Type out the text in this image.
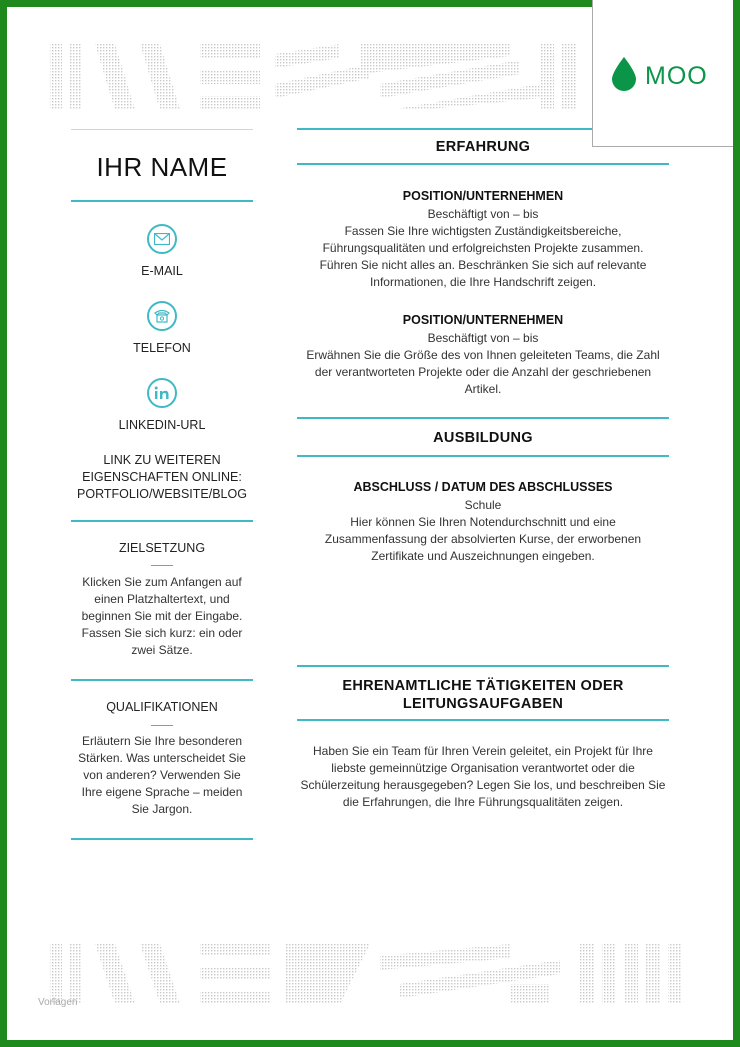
MOO
IHR NAME
E-MAIL
TELEFON
LINKEDIN-URL
LINK ZU WEITEREN
EIGENSCHAFTEN ONLINE:
PORTFOLIO/WEBSITE/BLOG
ZIELSETZUNG
Klicken Sie zum Anfangen auf
einen Platzhaltertext, und
beginnen Sie mit der Eingabe.
Fassen Sie sich kurz: ein oder
zwei Sätze.
QUALIFIKATIONEN
Erläutern Sie Ihre besonderen
Stärken. Was unterscheidet Sie
von anderen? Verwenden Sie
Ihre eigene Sprache – meiden
Sie Jargon.
ERFAHRUNG
POSITION/UNTERNEHMEN
Beschäftigt von – bis
Fassen Sie Ihre wichtigsten Zuständigkeitsbereiche,
Führungsqualitäten und erfolgreichsten Projekte zusammen.
Führen Sie nicht alles an. Beschränken Sie sich auf relevante
Informationen, die Ihre Handschrift zeigen.
POSITION/UNTERNEHMEN
Beschäftigt von – bis
Erwähnen Sie die Größe des von Ihnen geleiteten Teams, die Zahl
der verantworteten Projekte oder die Anzahl der geschriebenen
Artikel.
AUSBILDUNG
ABSCHLUSS / DATUM DES ABSCHLUSSES
Schule
Hier können Sie Ihren Notendurchschnitt und eine
Zusammenfassung der absolvierten Kurse, der erworbenen
Zertifikate und Auszeichnungen eingeben.
EHRENAMTLICHE TÄTIGKEITEN ODER
LEITUNGSAUFGABEN
Haben Sie ein Team für Ihren Verein geleitet, ein Projekt für Ihre
liebste gemeinnützige Organisation verantwortet oder die
Schülerzeitung herausgegeben? Legen Sie los, und beschreiben Sie
die Erfahrungen, die Ihre Führungsqualitäten zeigen.
Vorlagen
